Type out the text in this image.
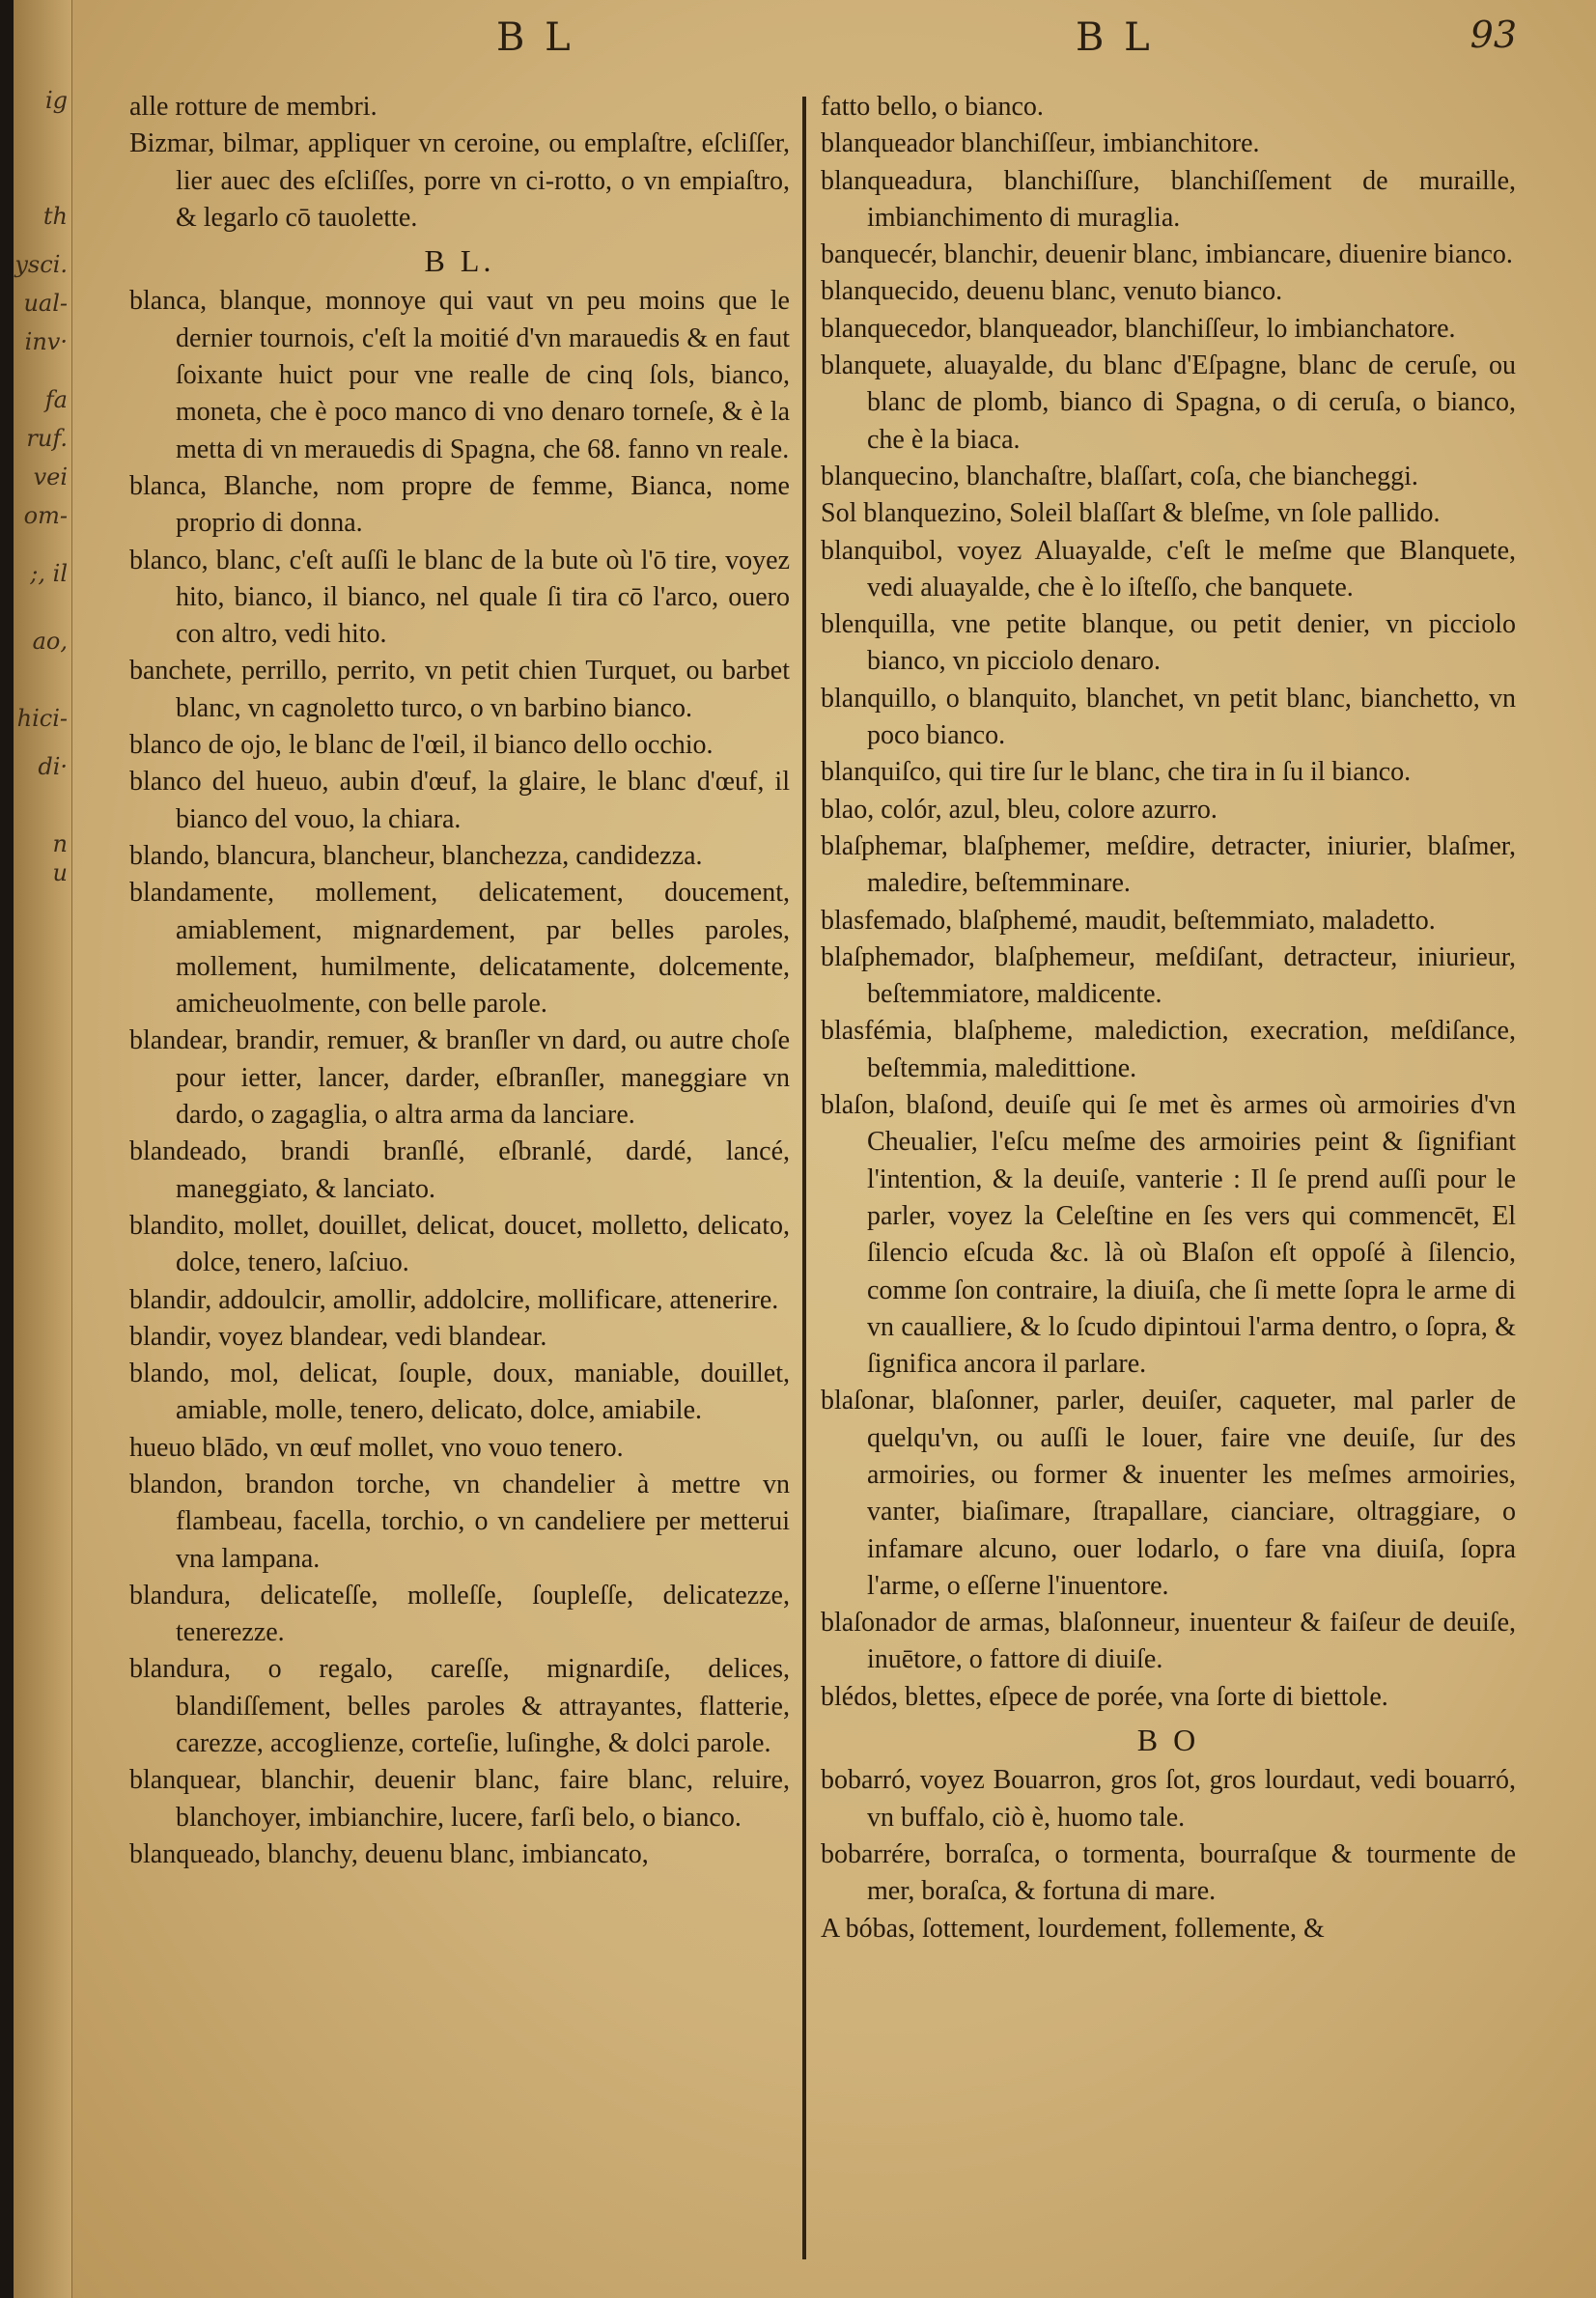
ig
th
ysci.
ual-
inv·
fa
ruf.
vei
om-
;, il
ao,
hici-
di·
n
u
B L	B L	93

alle rotture de membri.

Bizmar, bilmar, appliquer vn ceroine, ou emplaſtre, eſcliſſer, lier auec des eſcliſſes, porre vn ci-rotto, o vn empiaſtro, & legarlo cō tauolette.

B L.

blanca, blanque, monnoye qui vaut vn peu moins que le dernier tournois, c'eſt la moitié d'vn marauedis & en faut ſoixante huict pour vne realle de cinq ſols, bianco, moneta, che è poco manco di vno denaro torneſe, & è la metta di vn merauedis di Spagna, che 68. fanno vn reale.

blanca, Blanche, nom propre de femme, Bianca, nome proprio di donna.

blanco, blanc, c'eſt auſſi le blanc de la bute où l'ō tire, voyez hito, bianco, il bianco, nel quale ſi tira cō l'arco, ouero con altro, vedi hito.

banchete, perrillo, perrito, vn petit chien Turquet, ou barbet blanc, vn cagnoletto turco, o vn barbino bianco.

blanco de ojo, le blanc de l'œil, il bianco dello occhio.

blanco del hueuo, aubin d'œuf, la glaire, le blanc d'œuf, il bianco del vouo, la chiara.

blando, blancura, blancheur, blanchezza, candidezza.

blandamente, mollement, delicatement, doucement, amiablement, mignardement, par belles paroles, mollement, humilmente, delicatamente, dolcemente, amicheuolmente, con belle parole.

blandear, brandir, remuer, & branſler vn dard, ou autre choſe pour ietter, lancer, darder, eſbranſler, maneggiare vn dardo, o zagaglia, o altra arma da lanciare.

blandeado, brandi branſlé, eſbranlé, dardé, lancé, maneggiato, & lanciato.

blandito, mollet, douillet, delicat, doucet, molletto, delicato, dolce, tenero, laſciuo.

blandir, addoulcir, amollir, addolcire, mollificare, attenerire.

blandir, voyez blandear, vedi blandear.

blando, mol, delicat, ſouple, doux, maniable, douillet, amiable, molle, tenero, delicato, dolce, amiabile.

hueuo blādo, vn œuf mollet, vno vouo tenero.

blandon, brandon torche, vn chandelier à mettre vn flambeau, facella, torchio, o vn candeliere per metterui vna lampana.

blandura, delicateſſe, molleſſe, ſoupleſſe, delicatezze, tenerezze.

blandura, o regalo, careſſe, mignardiſe, delices, blandiſſement, belles paroles & attrayantes, flatterie, carezze, accoglienze, corteſie, luſinghe, & dolci parole.

blanquear, blanchir, deuenir blanc, faire blanc, reluire, blanchoyer, imbianchire, lucere, farſi belo, o bianco.

blanqueado, blanchy, deuenu blanc, imbiancato,

fatto bello, o bianco.

blanqueador blanchiſſeur, imbianchitore.

blanqueadura, blanchiſſure, blanchiſſement de muraille, imbianchimento di muraglia.

banquecér, blanchir, deuenir blanc, imbiancare, diuenire bianco.

blanquecido, deuenu blanc, venuto bianco.

blanquecedor, blanqueador, blanchiſſeur, lo imbianchatore.

blanquete, aluayalde, du blanc d'Eſpagne, blanc de ceruſe, ou blanc de plomb, bianco di Spagna, o di ceruſa, o bianco, che è la biaca.

blanquecino, blanchaſtre, blaſſart, coſa, che biancheggi.

Sol blanquezino, Soleil blaſſart & bleſme, vn ſole pallido.

blanquibol, voyez Aluayalde, c'eſt le meſme que Blanquete, vedi aluayalde, che è lo iſteſſo, che banquete.

blenquilla, vne petite blanque, ou petit denier, vn picciolo bianco, vn picciolo denaro.

blanquillo, o blanquito, blanchet, vn petit blanc, bianchetto, vn poco bianco.

blanquiſco, qui tire ſur le blanc, che tira in ſu il bianco.

blao, colór, azul, bleu, colore azurro.

blaſphemar, blaſphemer, meſdire, detracter, iniurier, blaſmer, maledire, beſtemminare.

blasfemado, blaſphemé, maudit, beſtemmiato, maladetto.

blaſphemador, blaſphemeur, meſdiſant, detracteur, iniurieur, beſtemmiatore, maldicente.

blasfémia, blaſpheme, malediction, execration, meſdiſance, beſtemmia, maledittione.

blaſon, blaſond, deuiſe qui ſe met ès armes où armoiries d'vn Cheualier, l'eſcu meſme des armoiries peint & ſignifiant l'intention, & la deuiſe, vanterie : Il ſe prend auſſi pour le parler, voyez la Celeſtine en ſes vers qui commencēt, El ſilencio eſcuda &c. là où Blaſon eſt oppoſé à ſilencio, comme ſon contraire, la diuiſa, che ſi mette ſopra le arme di vn caualliere, & lo ſcudo dipintoui l'arma dentro, o ſopra, & ſignifica ancora il parlare.

blaſonar, blaſonner, parler, deuiſer, caqueter, mal parler de quelqu'vn, ou auſſi le louer, faire vne deuiſe, ſur des armoiries, ou former & inuenter les meſmes armoiries, vanter, biaſimare, ſtrapallare, cianciare, oltraggiare, o infamare alcuno, ouer lodarlo, o fare vna diuiſa, ſopra l'arme, o eſſerne l'inuentore.

blaſonador de armas, blaſonneur, inuenteur & faiſeur de deuiſe, inuētore, o fattore di diuiſe.

blédos, blettes, eſpece de porée, vna ſorte di biettole.

B O

bobarró, voyez Bouarron, gros ſot, gros lourdaut, vedi bouarró, vn buffalo, ciò è, huomo tale.

bobarrére, borraſca, o tormenta, bourraſque & tourmente de mer, boraſca, & fortuna di mare.

A bóbas, ſottement, lourdement, follemente, &
